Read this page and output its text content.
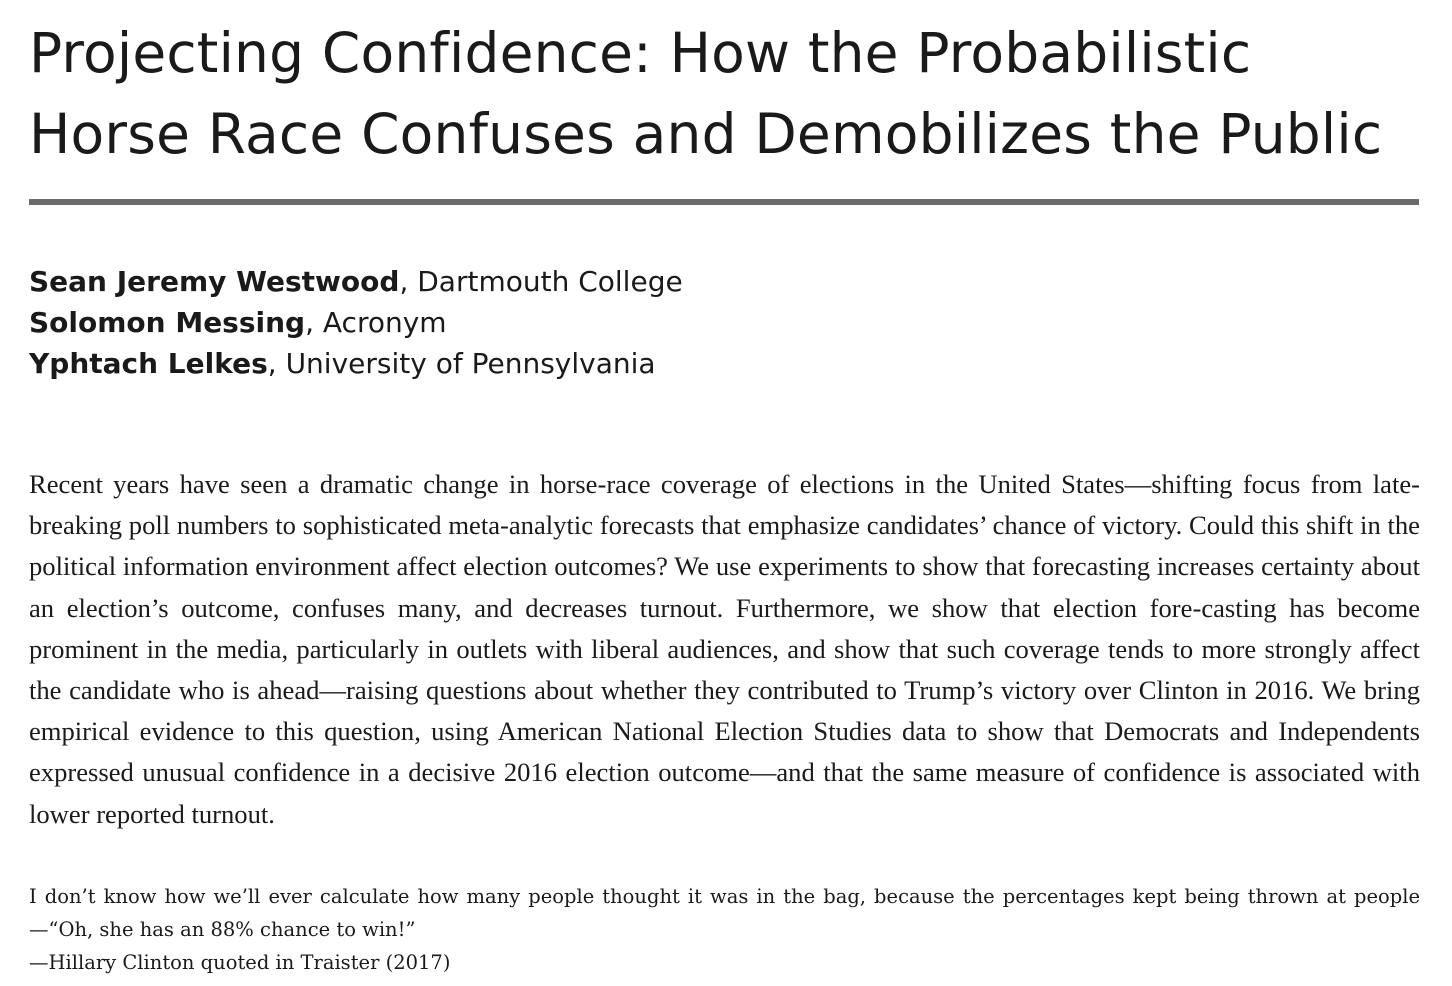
Projecting Confidence: How the Probabilistic Horse Race Confuses and Demobilizes the Public
Sean Jeremy Westwood, Dartmouth College
Solomon Messing, Acronym
Yphtach Lelkes, University of Pennsylvania

Recent years have seen a dramatic change in horse-race coverage of elections in the United States—shifting focus from late-breaking poll numbers to sophisticated meta-analytic forecasts that emphasize candidates’ chance of victory. Could this shift in the political information environment affect election outcomes? We use experiments to show that forecasting increases certainty about an election’s outcome, confuses many, and decreases turnout. Furthermore, we show that election fore-casting has become prominent in the media, particularly in outlets with liberal audiences, and show that such coverage tends to more strongly affect the candidate who is ahead—raising questions about whether they contributed to Trump’s victory over Clinton in 2016. We bring empirical evidence to this question, using American National Election Studies data to show that Democrats and Independents expressed unusual confidence in a decisive 2016 election outcome—and that the same measure of confidence is associated with lower reported turnout.

I don’t know how we’ll ever calculate how many people thought it was in the bag, because the percentages kept being thrown at people—“Oh, she has an 88% chance to win!”
—Hillary Clinton quoted in Traister (2017)
